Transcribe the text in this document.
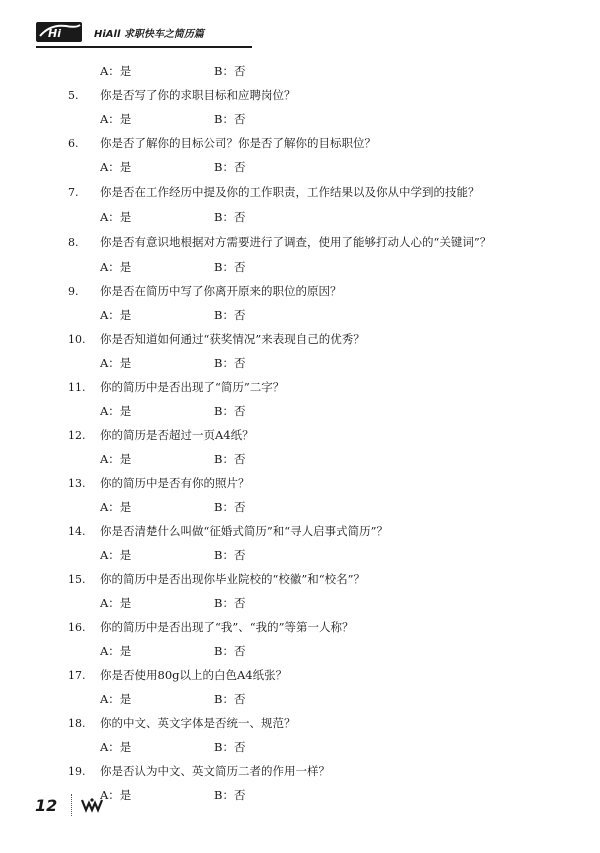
Hi	HiAll 求职快车之简历篇
A：是	B：否
5.	你是否写了你的求职目标和应聘岗位？
A：是	B：否
6.	你是否了解你的目标公司？你是否了解你的目标职位？
A：是	B：否
7.	你是否在工作经历中提及你的工作职责，工作结果以及你从中学到的技能？
A：是	B：否
8.	你是否有意识地根据对方需要进行了调查，使用了能够打动人心的“关键词”？
A：是	B：否
9.	你是否在简历中写了你离开原来的职位的原因？
A：是	B：否
10.	你是否知道如何通过“获奖情况”来表现自己的优秀？
A：是	B：否
11.	你的简历中是否出现了“简历”二字？
A：是	B：否
12.	你的简历是否超过一页A4纸？
A：是	B：否
13.	你的简历中是否有你的照片？
A：是	B：否
14.	你是否清楚什么叫做“征婚式简历”和“寻人启事式简历”？
A：是	B：否
15.	你的简历中是否出现你毕业院校的“校徽”和“校名”？
A：是	B：否
16.	你的简历中是否出现了“我”、“我的”等第一人称？
A：是	B：否
17.	你是否使用80g以上的白色A4纸张？
A：是	B：否
18.	你的中文、英文字体是否统一、规范？
A：是	B：否
19.	你是否认为中文、英文简历二者的作用一样？
A：是	B：否
12
